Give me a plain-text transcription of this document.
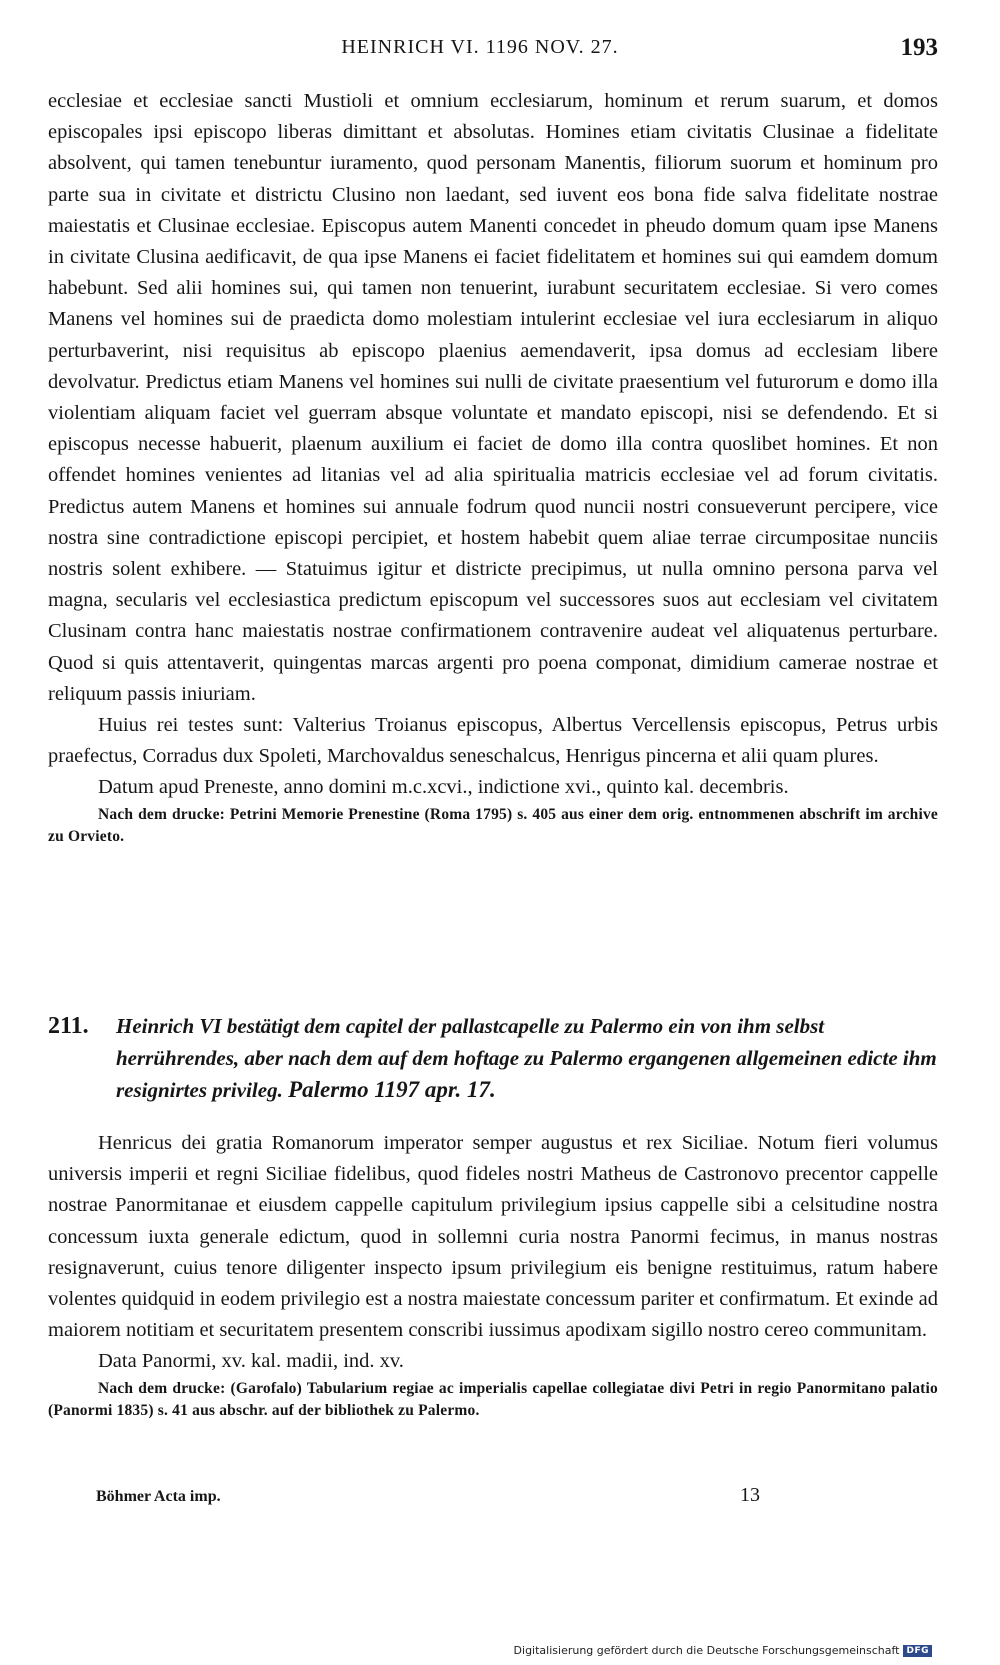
HEINRICH VI. 1196 NOV. 27.	193

ecclesiae et ecclesiae sancti Mustioli et omnium ecclesiarum, hominum et rerum suarum, et domos episcopales ipsi episcopo liberas dimittant et absolutas. Homines etiam civitatis Clusinae a fidelitate absolvent, qui tamen tenebuntur iuramento, quod personam Manentis, filiorum suorum et hominum pro parte sua in civitate et districtu Clusino non laedant, sed iuvent eos bona fide salva fidelitate nostrae maiestatis et Clusinae ecclesiae. Episcopus autem Manenti concedet in pheudo domum quam ipse Manens in civitate Clusina aedificavit, de qua ipse Manens ei faciet fidelitatem et homines sui qui eamdem domum habebunt. Sed alii homines sui, qui tamen non tenuerint, iurabunt securitatem ecclesiae. Si vero comes Manens vel homines sui de praedicta domo molestiam intulerint ecclesiae vel iura ecclesiarum in aliquo perturbaverint, nisi requisitus ab episcopo plaenius aemendaverit, ipsa domus ad ecclesiam libere devolvatur. Predictus etiam Manens vel homines sui nulli de civitate praesentium vel futurorum e domo illa violentiam aliquam faciet vel guerram absque voluntate et mandato episcopi, nisi se defendendo. Et si episcopus necesse habuerit, plaenum auxilium ei faciet de domo illa contra quoslibet homines. Et non offendet homines venientes ad litanias vel ad alia spiritualia matricis ecclesiae vel ad forum civitatis. Predictus autem Manens et homines sui annuale fodrum quod nuncii nostri consueverunt percipere, vice nostra sine contradictione episcopi percipiet, et hostem habebit quem aliae terrae circumpositae nunciis nostris solent exhibere. — Statuimus igitur et districte precipimus, ut nulla omnino persona parva vel magna, secularis vel ecclesiastica predictum episcopum vel successores suos aut ecclesiam vel civitatem Clusinam contra hanc maiestatis nostrae confirmationem contravenire audeat vel aliquatenus perturbare. Quod si quis attentaverit, quingentas marcas argenti pro poena componat, dimidium camerae nostrae et reliquum passis iniuriam.

Huius rei testes sunt: Valterius Troianus episcopus, Albertus Vercellensis episcopus, Petrus urbis praefectus, Corradus dux Spoleti, Marchovaldus seneschalcus, Henrigus pincerna et alii quam plures.

Datum apud Preneste, anno domini m.c.xcvi., indictione xvi., quinto kal. decembris.

Nach dem drucke: Petrini Memorie Prenestine (Roma 1795) s. 405 aus einer dem orig. entnommenen abschrift im archive zu Orvieto.

211. Heinrich VI bestätigt dem capitel der pallastcapelle zu Palermo ein von ihm selbst herrührendes, aber nach dem auf dem hoftage zu Palermo ergangenen allgemeinen edicte ihm resignirtes privileg. Palermo 1197 apr. 17.

Henricus dei gratia Romanorum imperator semper augustus et rex Siciliae. Notum fieri volumus universis imperii et regni Siciliae fidelibus, quod fideles nostri Matheus de Castronovo precentor cappelle nostrae Panormitanae et eiusdem cappelle capitulum privilegium ipsius cappelle sibi a celsitudine nostra concessum iuxta generale edictum, quod in sollemni curia nostra Panormi fecimus, in manus nostras resignaverunt, cuius tenore diligenter inspecto ipsum privilegium eis benigne restituimus, ratum habere volentes quidquid in eodem privilegio est a nostra maiestate concessum pariter et confirmatum. Et exinde ad maiorem notitiam et securitatem presentem conscribi iussimus apodixam sigillo nostro cereo communitam.

Data Panormi, xv. kal. madii, ind. xv.

Nach dem drucke: (Garofalo) Tabularium regiae ac imperialis capellae collegiatae divi Petri in regio Panormitano palatio (Panormi 1835) s. 41 aus abschr. auf der bibliothek zu Palermo.

Böhmer Acta imp.	13
Digitalisierung gefördert durch die Deutsche Forschungsgemeinschaft DFG
